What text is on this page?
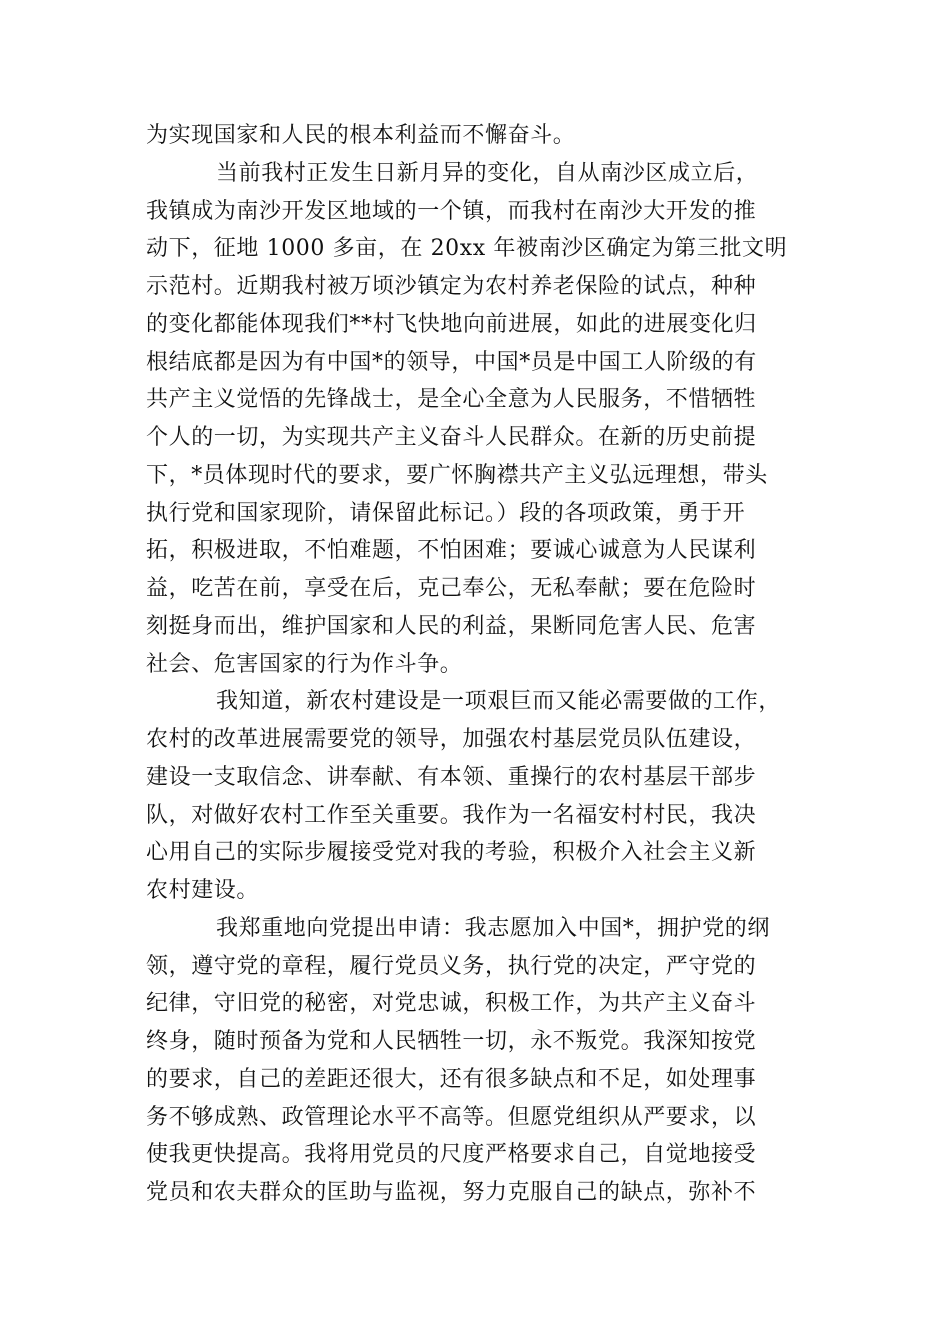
为实现国家和人民的根本利益而不懈奋斗。
当前我村正发生日新月异的变化，自从南沙区成立后，
我镇成为南沙开发区地域的一个镇，而我村在南沙大开发的推
动下，征地 1000 多亩，在 20xx 年被南沙区确定为第三批文明
示范村。近期我村被万顷沙镇定为农村养老保险的试点，种种
的变化都能体现我们**村飞快地向前进展，如此的进展变化归
根结底都是因为有中国*的领导，中国*员是中国工人阶级的有
共产主义觉悟的先锋战士，是全心全意为人民服务，不惜牺牲
个人的一切，为实现共产主义奋斗人民群众。在新的历史前提
下，*员体现时代的要求，要广怀胸襟共产主义弘远理想，带头
执行党和国家现阶，请保留此标记。）段的各项政策，勇于开
拓，积极进取，不怕难题，不怕困难；要诚心诚意为人民谋利
益，吃苦在前，享受在后，克己奉公，无私奉献；要在危险时
刻挺身而出，维护国家和人民的利益，果断同危害人民、危害
社会、危害国家的行为作斗争。
我知道，新农村建设是一项艰巨而又能必需要做的工作，
农村的改革进展需要党的领导，加强农村基层党员队伍建设，
建设一支取信念、讲奉献、有本领、重操行的农村基层干部步
队，对做好农村工作至关重要。我作为一名福安村村民，我决
心用自己的实际步履接受党对我的考验，积极介入社会主义新
农村建设。
我郑重地向党提出申请：我志愿加入中国*，拥护党的纲
领，遵守党的章程，履行党员义务，执行党的决定，严守党的
纪律，守旧党的秘密，对党忠诚，积极工作，为共产主义奋斗
终身，随时预备为党和人民牺牲一切，永不叛党。我深知按党
的要求，自己的差距还很大，还有很多缺点和不足，如处理事
务不够成熟、政管理论水平不高等。但愿党组织从严要求，以
使我更快提高。我将用党员的尺度严格要求自己，自觉地接受
党员和农夫群众的匡助与监视，努力克服自己的缺点，弥补不
